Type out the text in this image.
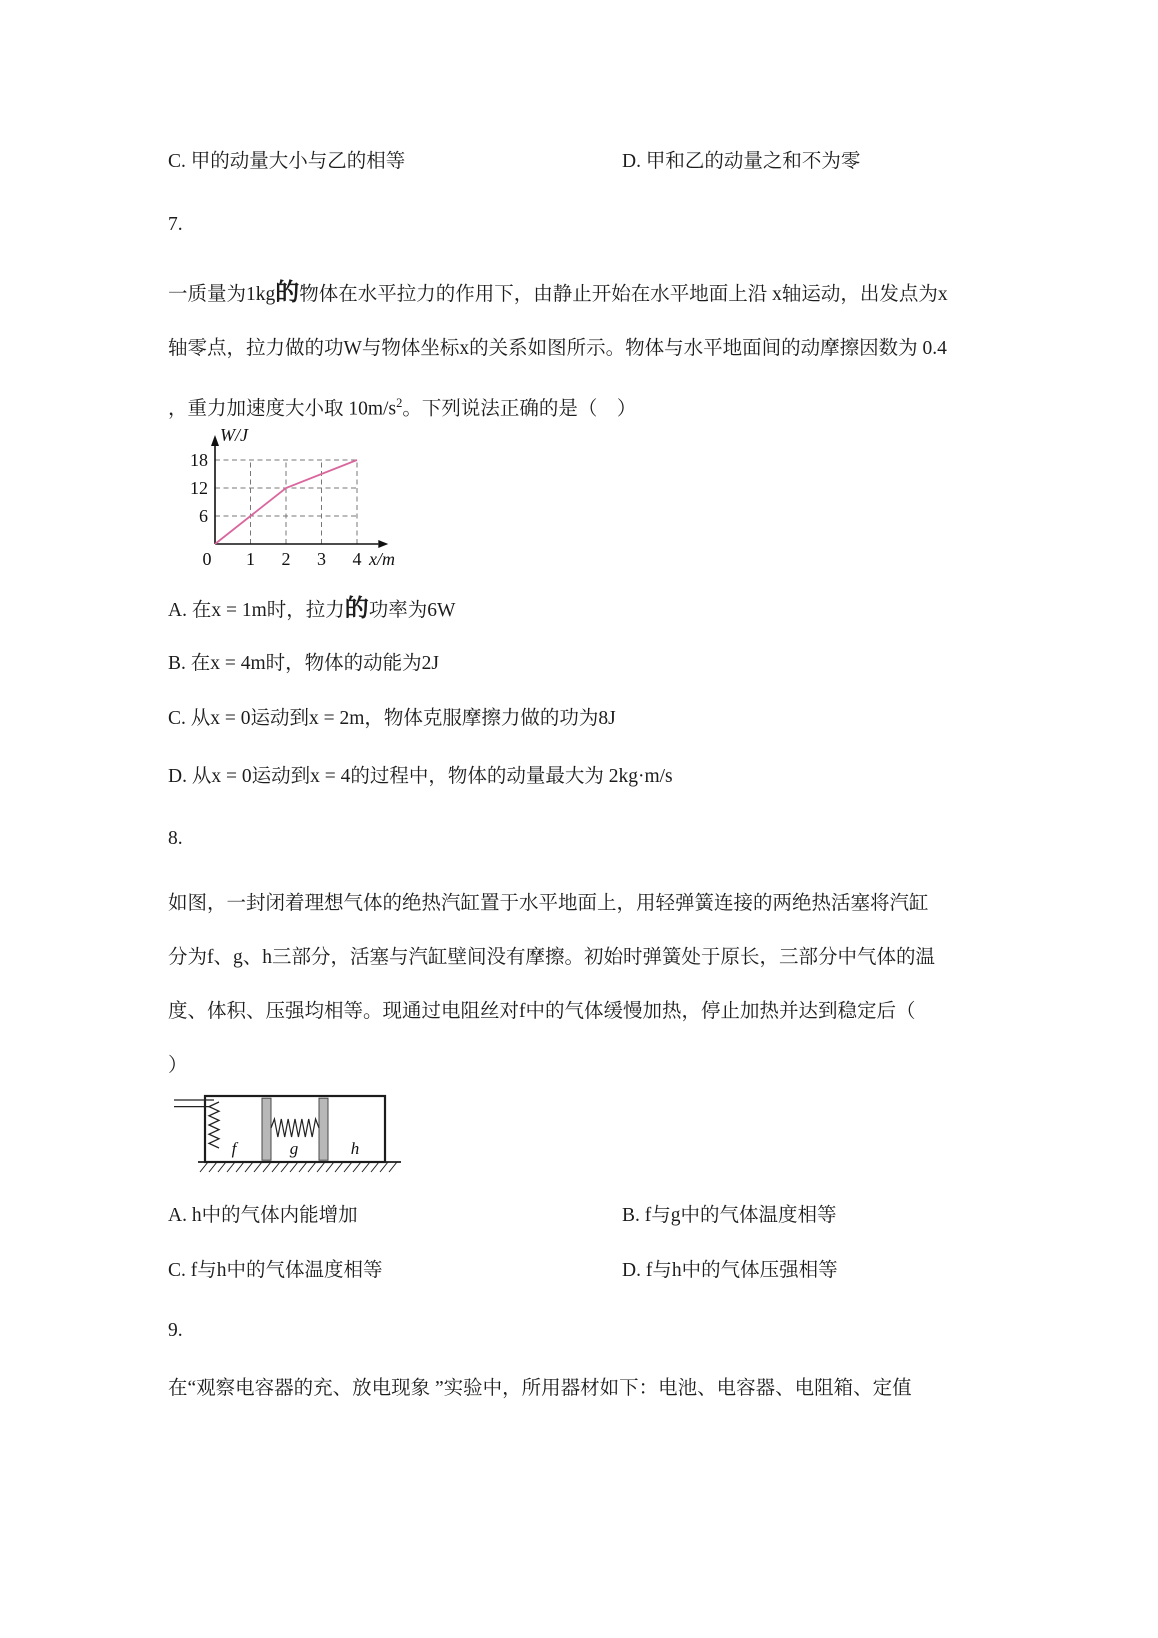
C. 甲的动量大小与乙的相等	D. 甲和乙的动量之和不为零
7.
一质量为1kg的物体在水平拉力的作用下，由静止开始在水平地面上沿 x轴运动，出发点为x
轴零点，拉力做的功W与物体坐标x的关系如图所示。物体与水平地面间的动摩擦因数为 0.4
，重力加速度大小取 $10m/s^2$。下列说法正确的是（　）
6
12
18
0 1 2 3 4
W/J
x/m
A. 在x = 1m时，拉力的功率为6W
B. 在x = 4m时，物体的动能为2J
C. 从x = 0运动到x = 2m，物体克服摩擦力做的功为8J
D. 从x = 0运动到x = 4的过程中，物体的动量最大为 2kg·m/s
8.
如图，一封闭着理想气体的绝热汽缸置于水平地面上，用轻弹簧连接的两绝热活塞将汽缸
分为f、g、h三部分，活塞与汽缸壁间没有摩擦。初始时弹簧处于原长，三部分中气体的温
度、体积、压强均相等。现通过电阻丝对f中的气体缓慢加热，停止加热并达到稳定后（
）
f	g	h
A. h中的气体内能增加	B. f与g中的气体温度相等
C. f与h中的气体温度相等	D. f与h中的气体压强相等
9.
在“观察电容器的充、放电现象 ”实验中，所用器材如下：电池、电容器、电阻箱、定值
